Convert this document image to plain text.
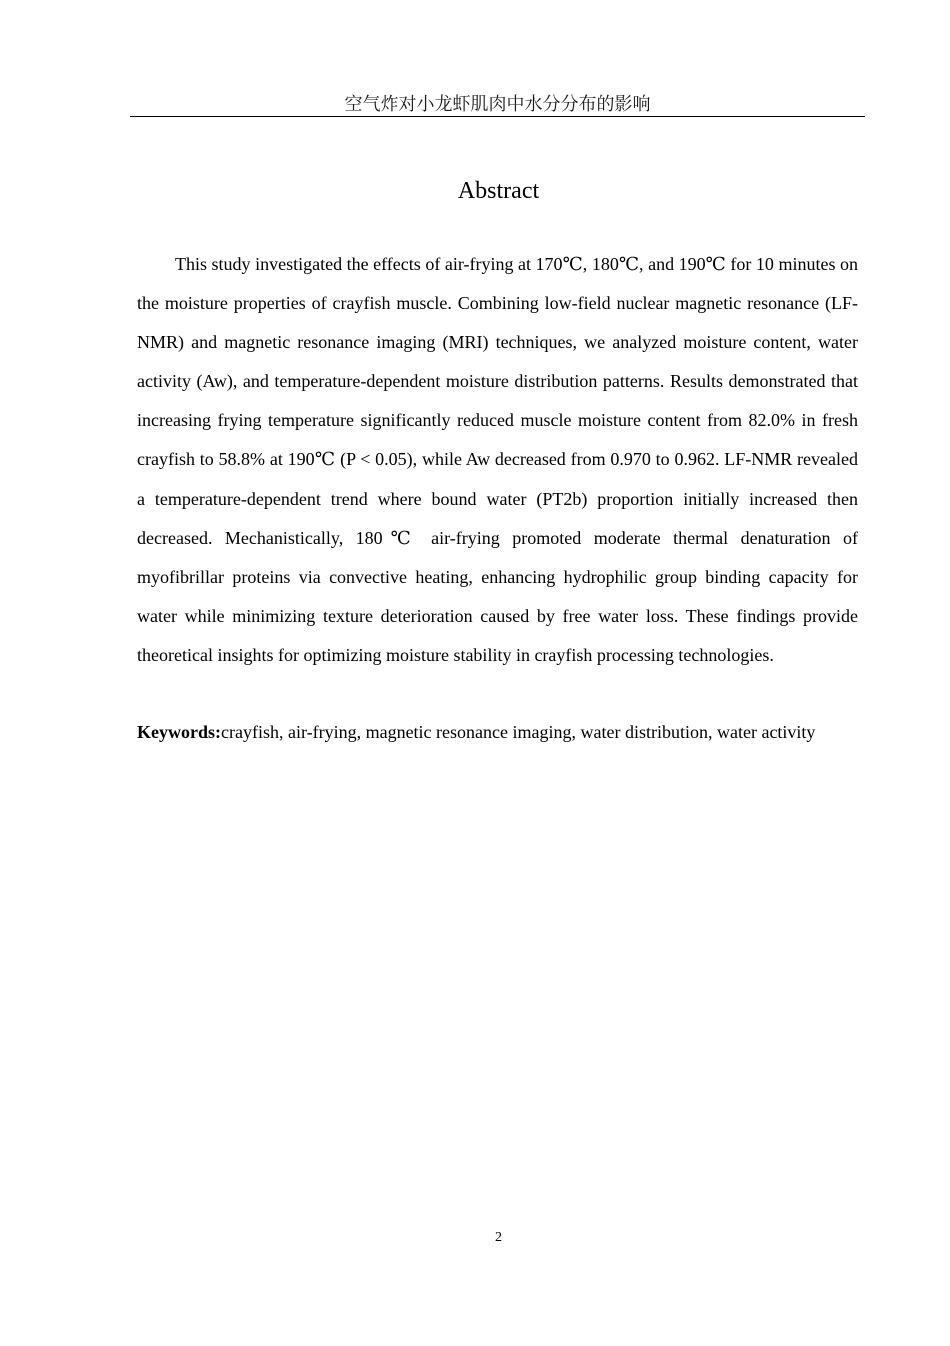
空气炸对小龙虾肌肉中水分分布的影响
Abstract

This study investigated the effects of air-frying at 170℃, 180℃, and 190℃ for 10 minutes on the moisture properties of crayfish muscle. Combining low-field nuclear magnetic resonance (LF-NMR) and magnetic resonance imaging (MRI) techniques, we analyzed moisture content, water activity (Aw), and temperature-dependent moisture distribution patterns. Results demonstrated that increasing frying temperature significantly reduced muscle moisture content from 82.0% in fresh crayfish to 58.8% at 190℃ (P < 0.05), while Aw decreased from 0.970 to 0.962. LF-NMR revealed a temperature-dependent trend where bound water (PT2b) proportion initially increased then decreased. Mechanistically, 180℃ air-frying promoted moderate thermal denaturation of myofibrillar proteins via convective heating, enhancing hydrophilic group binding capacity for water while minimizing texture deterioration caused by free water loss. These findings provide theoretical insights for optimizing moisture stability in crayfish processing technologies.

Keywords:crayfish, air-frying, magnetic resonance imaging, water distribution, water activity

2
